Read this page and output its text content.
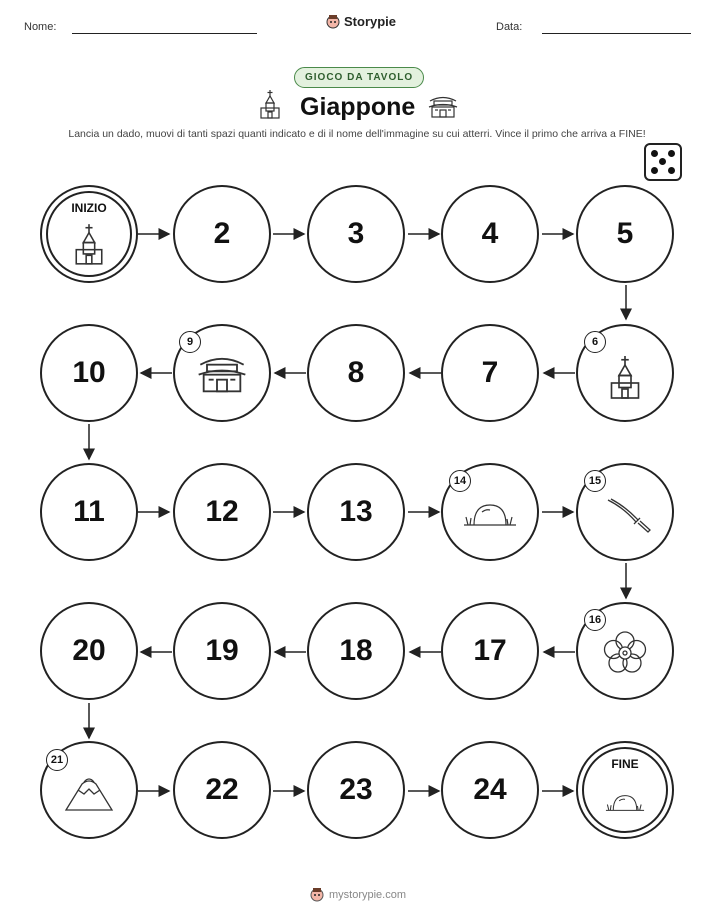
Nome:	Storypie	Data:
GIOCO DA TAVOLO
Giappone
Lancia un dado, muovi di tanti spazi quanti indicato e di il nome dell'immagine su cui atterri. Vince il primo che arriva a FINE!
INIZIO
2	3	4	5
10
9
8	7
6
11	12	13
14	15
20	19	18	17
16
21
22	23	24
FINE
mystorypie.com
